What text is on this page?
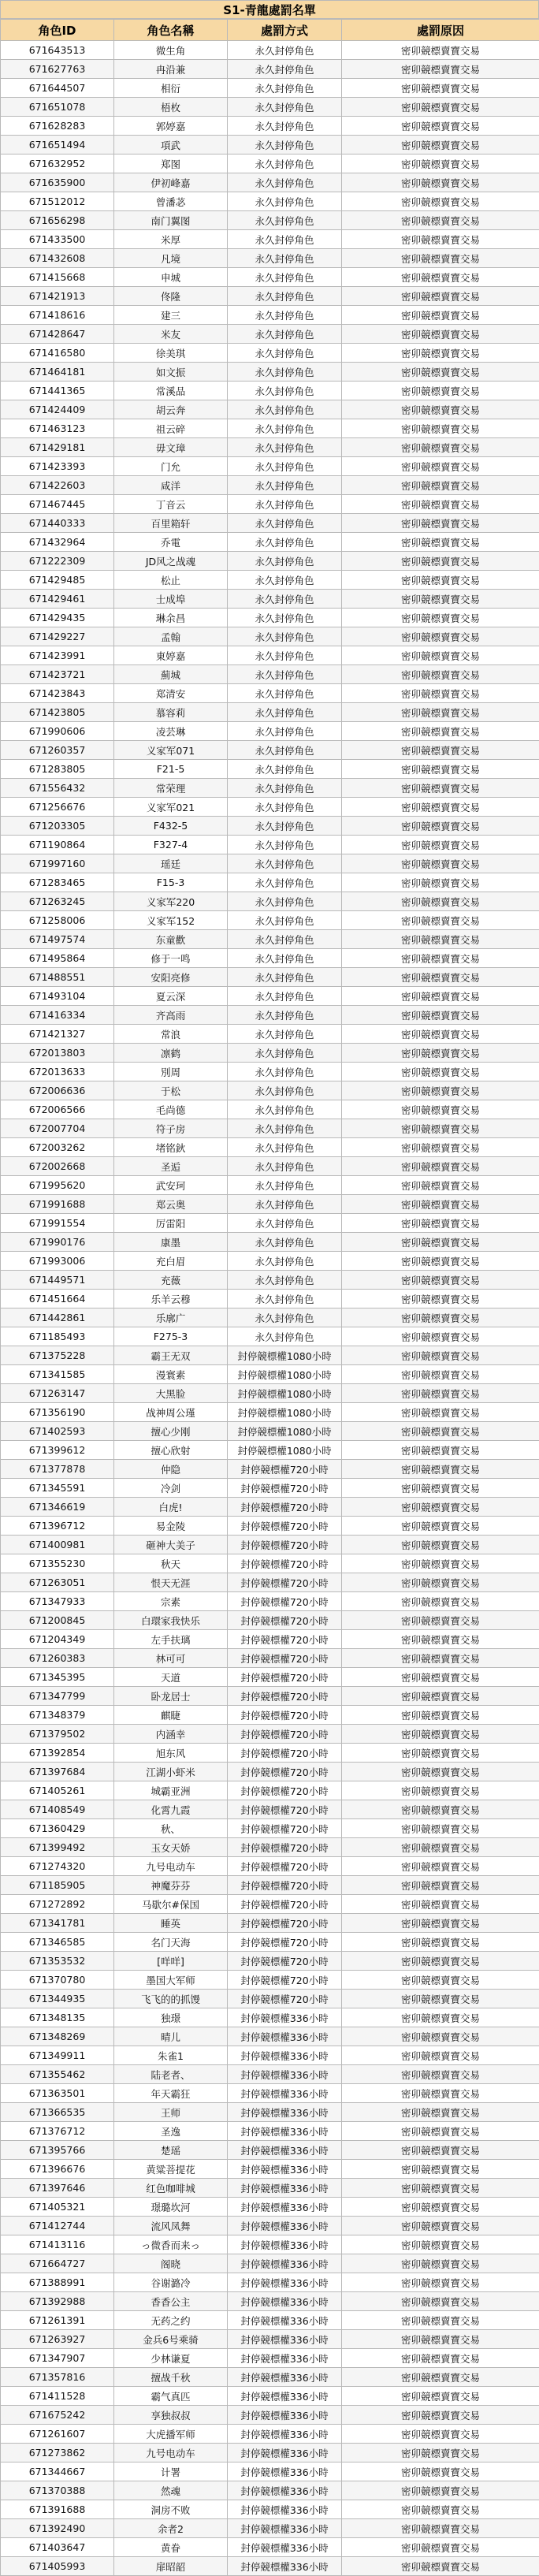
S1-青龍處罰名單
角色ID	角色名稱	處罰方式	處罰原因
671643513	微生角	永久封停角色	密卯競標賣寶交易
671627763	冉沿兼	永久封停角色	密卯競標賣寶交易
671644507	相衍	永久封停角色	密卯競標賣寶交易
671651078	梧枚	永久封停角色	密卯競標賣寶交易
671628283	郭婷嘉	永久封停角色	密卯競標賣寶交易
671651494	項武	永久封停角色	密卯競標賣寶交易
671632952	郑图	永久封停角色	密卯競標賣寶交易
671635900	伊初峰嘉	永久封停角色	密卯競標賣寶交易
671512012	曾潘苾	永久封停角色	密卯競標賣寶交易
671656298	南门翼图	永久封停角色	密卯競標賣寶交易
671433500	米厚	永久封停角色	密卯競標賣寶交易
671432608	凡境	永久封停角色	密卯競標賣寶交易
671415668	申城	永久封停角色	密卯競標賣寶交易
671421913	佟隆	永久封停角色	密卯競標賣寶交易
671418616	建三	永久封停角色	密卯競標賣寶交易
671428647	米友	永久封停角色	密卯競標賣寶交易
671416580	徐美琪	永久封停角色	密卯競標賣寶交易
671464181	如文振	永久封停角色	密卯競標賣寶交易
671441365	常溪品	永久封停角色	密卯競標賣寶交易
671424409	胡云奔	永久封停角色	密卯競標賣寶交易
671463123	祖云碎	永久封停角色	密卯競標賣寶交易
671429181	毋文璋	永久封停角色	密卯競標賣寶交易
671423393	门允	永久封停角色	密卯競標賣寶交易
671422603	咸洋	永久封停角色	密卯競標賣寶交易
671467445	丁音云	永久封停角色	密卯競標賣寶交易
671440333	百里箱轩	永久封停角色	密卯競標賣寶交易
671432964	乔電	永久封停角色	密卯競標賣寶交易
671222309	JD风之战魂	永久封停角色	密卯競標賣寶交易
671429485	松止	永久封停角色	密卯競標賣寶交易
671429461	士成埠	永久封停角色	密卯競標賣寶交易
671429435	琳余昌	永久封停角色	密卯競標賣寶交易
671429227	孟翰	永久封停角色	密卯競標賣寶交易
671423991	東婷嘉	永久封停角色	密卯競標賣寶交易
671423721	薊城	永久封停角色	密卯競標賣寶交易
671423843	郑清安	永久封停角色	密卯競標賣寶交易
671423805	慕容莉	永久封停角色	密卯競標賣寶交易
671990606	凌芸琳	永久封停角色	密卯競標賣寶交易
671260357	义家军071	永久封停角色	密卯競標賣寶交易
671283805	F21-5	永久封停角色	密卯競標賣寶交易
671556432	常荣理	永久封停角色	密卯競標賣寶交易
671256676	义家军021	永久封停角色	密卯競標賣寶交易
671203305	F432-5	永久封停角色	密卯競標賣寶交易
671190864	F327-4	永久封停角色	密卯競標賣寶交易
671997160	瑶廷	永久封停角色	密卯競標賣寶交易
671283465	F15-3	永久封停角色	密卯競標賣寶交易
671263245	义家军220	永久封停角色	密卯競標賣寶交易
671258006	义家军152	永久封停角色	密卯競標賣寶交易
671497574	东童歡	永久封停角色	密卯競標賣寶交易
671495864	修于一鸣	永久封停角色	密卯競標賣寶交易
671488551	安阳亮修	永久封停角色	密卯競標賣寶交易
671493104	夏云深	永久封停角色	密卯競標賣寶交易
671416334	齐高雨	永久封停角色	密卯競標賣寶交易
671421327	常浪	永久封停角色	密卯競標賣寶交易
672013803	凛鹤	永久封停角色	密卯競標賣寶交易
672013633	別周	永久封停角色	密卯競標賣寶交易
672006636	于松	永久封停角色	密卯競標賣寶交易
672006566	毛尚德	永久封停角色	密卯競標賣寶交易
672007704	符子房	永久封停角色	密卯競標賣寶交易
672003262	堵铭鈥	永久封停角色	密卯競標賣寶交易
672002668	圣逅	永久封停角色	密卯競標賣寶交易
671995620	武安珂	永久封停角色	密卯競標賣寶交易
671991688	郑云奥	永久封停角色	密卯競標賣寶交易
671991554	厉雷阳	永久封停角色	密卯競標賣寶交易
671990176	康墨	永久封停角色	密卯競標賣寶交易
671993006	充白眉	永久封停角色	密卯競標賣寶交易
671449571	充薇	永久封停角色	密卯競標賣寶交易
671451664	乐羊云穆	永久封停角色	密卯競標賣寶交易
671442861	乐廓广	永久封停角色	密卯競標賣寶交易
671185493	F275-3	永久封停角色	密卯競標賣寶交易
671375228	霸王无双	封停競標權1080小時	密卯競標賣寶交易
671341585	漫寰素	封停競標權1080小時	密卯競標賣寶交易
671263147	大黑脸	封停競標權1080小時	密卯競標賣寶交易
671356190	战神周公瑾	封停競標權1080小時	密卯競標賣寶交易
671402593	擅心少刚	封停競標權1080小時	密卯競標賣寶交易
671399612	擅心欣射	封停競標權1080小時	密卯競標賣寶交易
671377878	仲隐	封停競標權720小時	密卯競標賣寶交易
671345591	冷剑	封停競標權720小時	密卯競標賣寶交易
671346619	白虎!	封停競標權720小時	密卯競標賣寶交易
671396712	易金陵	封停競標權720小時	密卯競標賣寶交易
671400981	砸神大美子	封停競標權720小時	密卯競標賣寶交易
671355230	秋天	封停競標權720小時	密卯競標賣寶交易
671263051	恨天无涯	封停競標權720小時	密卯競標賣寶交易
671347933	宗素	封停競標權720小時	密卯競標賣寶交易
671200845	白環家我快乐	封停競標權720小時	密卯競標賣寶交易
671204349	左手扶璃	封停競標權720小時	密卯競標賣寶交易
671260383	林可可	封停競標權720小時	密卯競標賣寶交易
671345395	天道	封停競標權720小時	密卯競標賣寶交易
671347799	卧龙居士	封停競標權720小時	密卯競標賣寶交易
671348379	麒睫	封停競標權720小時	密卯競標賣寶交易
671379502	内涵幸	封停競標權720小時	密卯競標賣寶交易
671392854	旭东风	封停競標權720小時	密卯競標賣寶交易
671397684	江湖小虾米	封停競標權720小時	密卯競標賣寶交易
671405261	城霸亚洲	封停競標權720小時	密卯競標賣寶交易
671408549	化霄九霞	封停競標權720小時	密卯競標賣寶交易
671360429	秋、	封停競標權720小時	密卯競標賣寶交易
671399492	玉女天娇	封停競標權720小時	密卯競標賣寶交易
671274320	九号电动车	封停競標權720小時	密卯競標賣寶交易
671185905	神魔芬芬	封停競標權720小時	密卯競標賣寶交易
671272892	马歇尔#保国	封停競標權720小時	密卯競標賣寶交易
671341781	睡英	封停競標權720小時	密卯競標賣寶交易
671346585	名门天海	封停競標權720小時	密卯競標賣寶交易
671353532	[咩咩]	封停競標權720小時	密卯競標賣寶交易
671370780	墨国大军师	封停競標權720小時	密卯競標賣寶交易
671344935	飞飞的的抓馒	封停競標權720小時	密卯競標賣寶交易
671348135	独璟	封停競標權336小時	密卯競標賣寶交易
671348269	晴儿	封停競標權336小時	密卯競標賣寶交易
671349911	朱雀1	封停競標權336小時	密卯競標賣寶交易
671355462	陆老者、	封停競標權336小時	密卯競標賣寶交易
671363501	年天霸狂	封停競標權336小時	密卯競標賣寶交易
671366535	王师	封停競標權336小時	密卯競標賣寶交易
671376712	圣逸	封停競標權336小時	密卯競標賣寶交易
671395766	楚瑶	封停競標權336小時	密卯競標賣寶交易
671396676	黄粱菩提花	封停競標權336小時	密卯競標賣寶交易
671397646	红色咖啡城	封停競標權336小時	密卯競標賣寶交易
671405321	璟璐坎河	封停競標權336小時	密卯競標賣寶交易
671412744	流风凤舞	封停競標權336小時	密卯競標賣寶交易
671413116	っ微香而来っ	封停競標權336小時	密卯競標賣寶交易
671664727	阁晓	封停競標權336小時	密卯競標賣寶交易
671388991	谷谢潞冷	封停競標權336小時	密卯競標賣寶交易
671392988	香香公主	封停競標權336小時	密卯競標賣寶交易
671261391	无药之约	封停競標權336小時	密卯競標賣寶交易
671263927	金兵6号乘骑	封停競標權336小時	密卯競標賣寶交易
671347907	少林谦夏	封停競標權336小時	密卯競標賣寶交易
671357816	擅战千秋	封停競標權336小時	密卯競標賣寶交易
671411528	霸气真匹	封停競標權336小時	密卯競標賣寶交易
671675242	享独叔叔	封停競標權336小時	密卯競標賣寶交易
671261607	大虎播军师	封停競標權336小時	密卯競標賣寶交易
671273862	九号电动车	封停競標權336小時	密卯競標賣寶交易
671344667	计署	封停競標權336小時	密卯競標賣寶交易
671370388	然魂	封停競標權336小時	密卯競標賣寶交易
671391688	洞房不败	封停競標權336小時	密卯競標賣寶交易
671392490	余者2	封停競標權336小時	密卯競標賣寶交易
671403647	黄眷	封停競標權336小時	密卯競標賣寶交易
671405993	扉昭韶	封停競標權336小時	密卯競標賣寶交易
